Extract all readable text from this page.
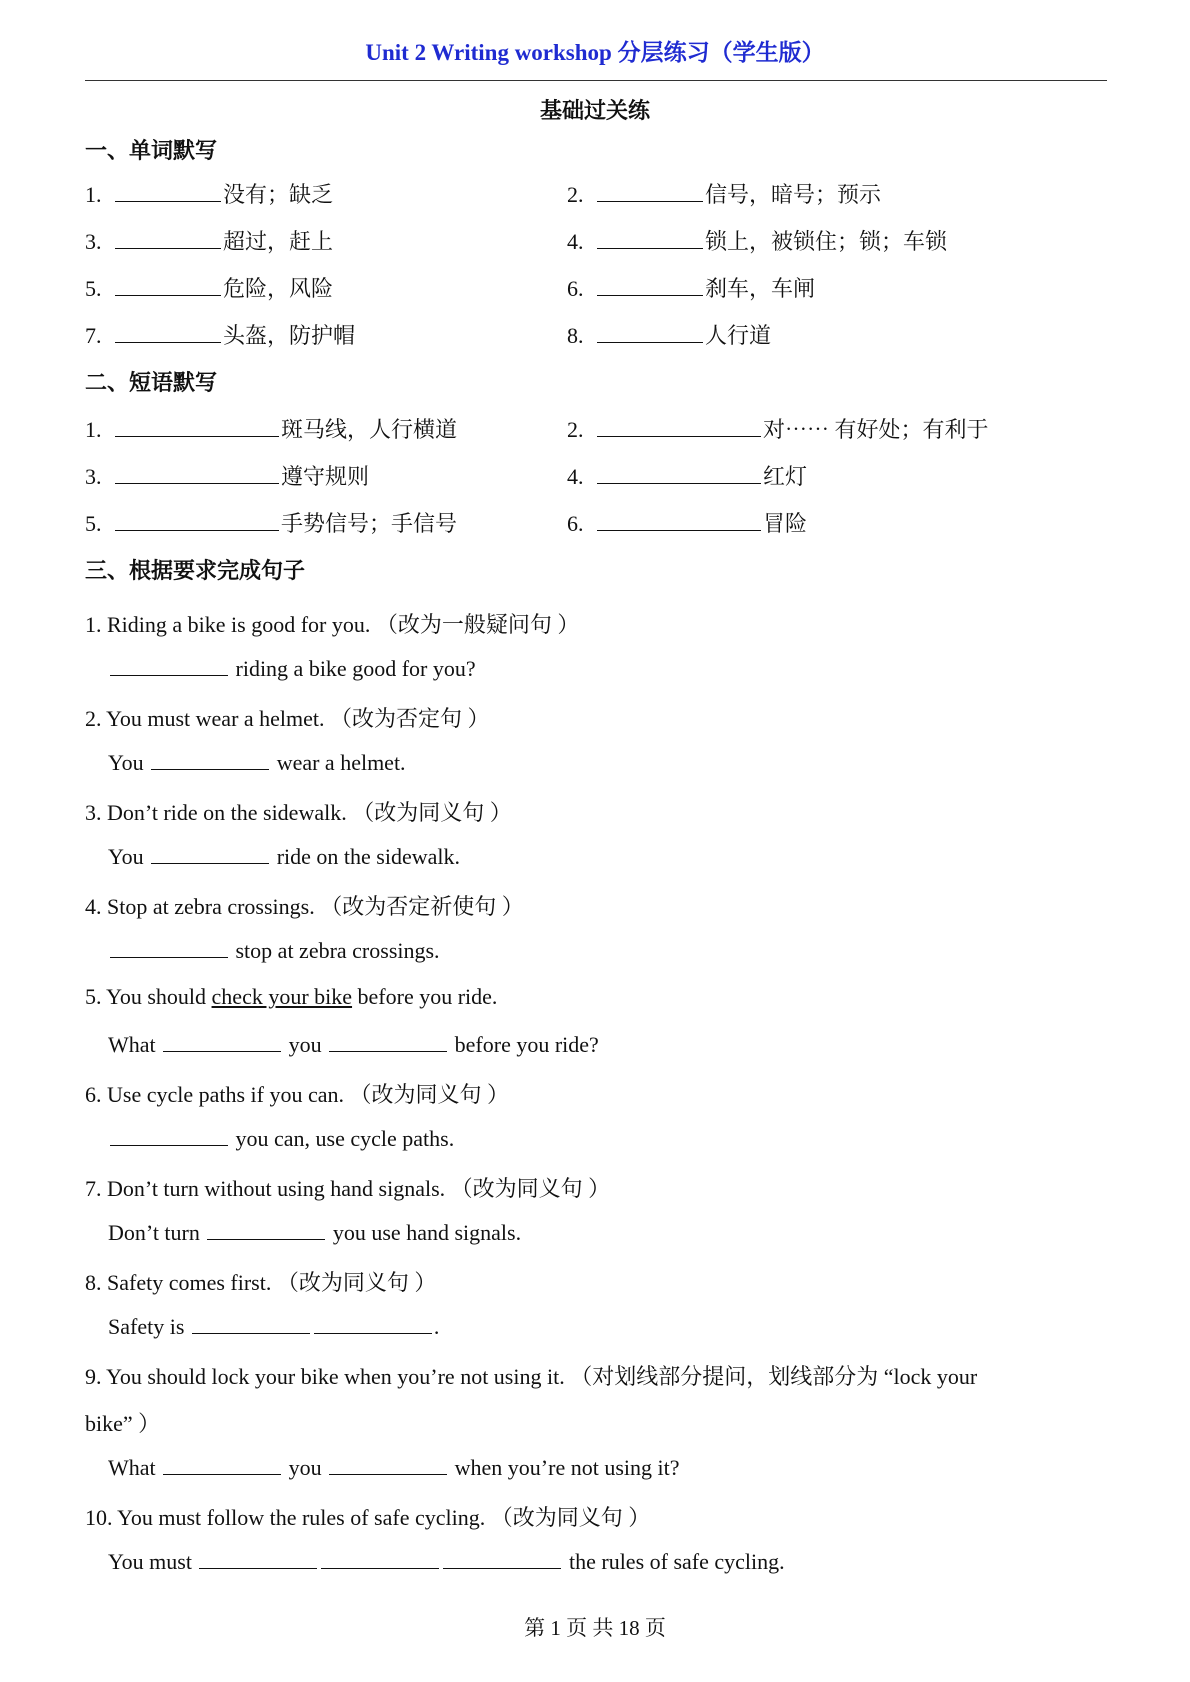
Unit 2 Writing workshop 分层练习（学生版）
基础过关练
一、单词默写
1.	没有；缺乏	2.	信号，暗号；预示
3.	超过，赶上	4.	锁上，被锁住；锁；车锁
5.	危险，风险	6.	刹车，车闸
7.	头盔，防护帽	8.	人行道
二、短语默写
1.	斑马线，人行横道	2.	对⋯⋯ 有好处；有利于
3.	遵守规则	4.	红灯
5.	手势信号；手信号	6.	冒险
三、根据要求完成句子
1. Riding a bike is good for you. （改为一般疑问句 ）
riding a bike good for you?
2. You must wear a helmet. （改为否定句 ）
You	wear a helmet.
3. Don’t ride on the sidewalk. （改为同义句 ）
You	ride on the sidewalk.
4. Stop at zebra crossings. （改为否定祈使句 ）
stop at zebra crossings.
5. You should check your bike before you ride.
What	you	before you ride?
6. Use cycle paths if you can. （改为同义句 ）
you can, use cycle paths.
7. Don’t turn without using hand signals. （改为同义句 ）
Don’t turn	you use hand signals.
8. Safety comes first. （改为同义句 ）
Safety is	.
9. You should lock your bike when you’re not using it. （对划线部分提问，划线部分为 “lock your
bike” ）
What	you	when you’re not using it?
10. You must follow the rules of safe cycling. （改为同义句 ）
You must	the rules of safe cycling.
第 1 页 共 18 页
